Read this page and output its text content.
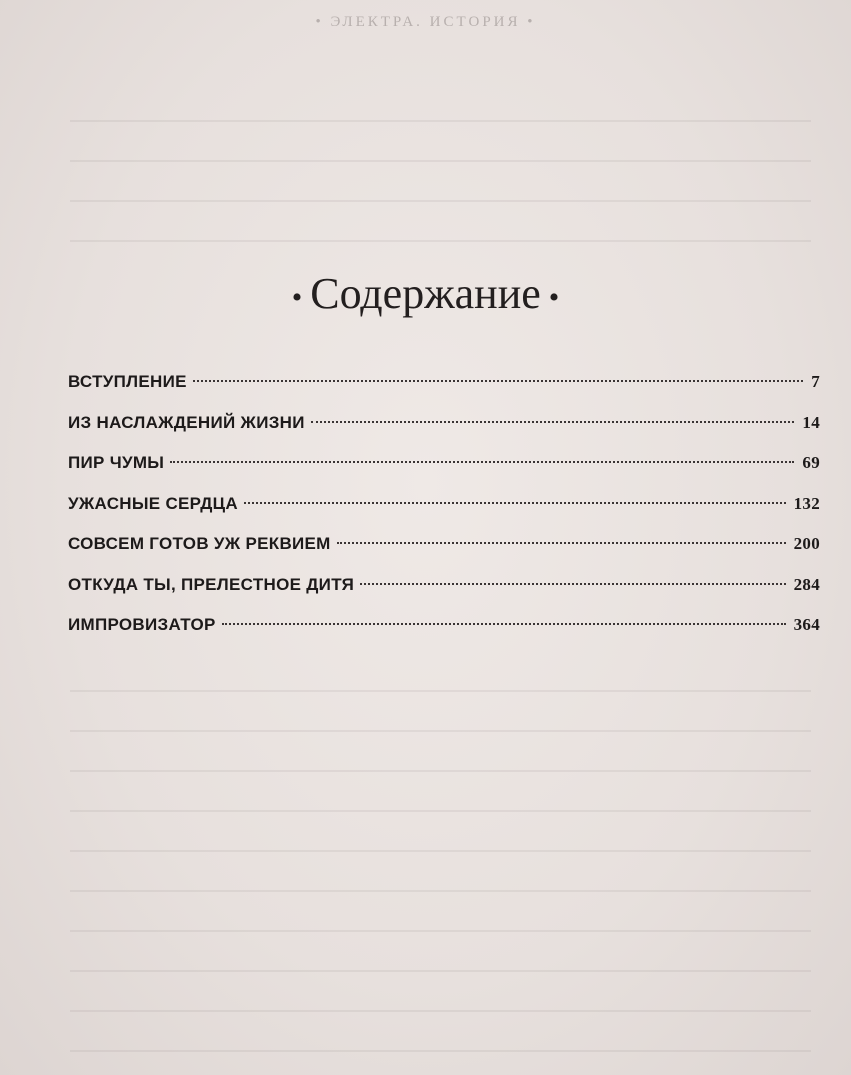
• ЭЛЕКТРА. ИСТОРИЯ •
• Содержание •
ВСТУПЛЕНИЕ	7
ИЗ НАСЛАЖДЕНИЙ ЖИЗНИ	14
ПИР ЧУМЫ	69
УЖАСНЫЕ СЕРДЦА	132
СОВСЕМ ГОТОВ УЖ РЕКВИЕМ	200
ОТКУДА ТЫ, ПРЕЛЕСТНОЕ ДИТЯ	284
ИМПРОВИЗАТОР	364
